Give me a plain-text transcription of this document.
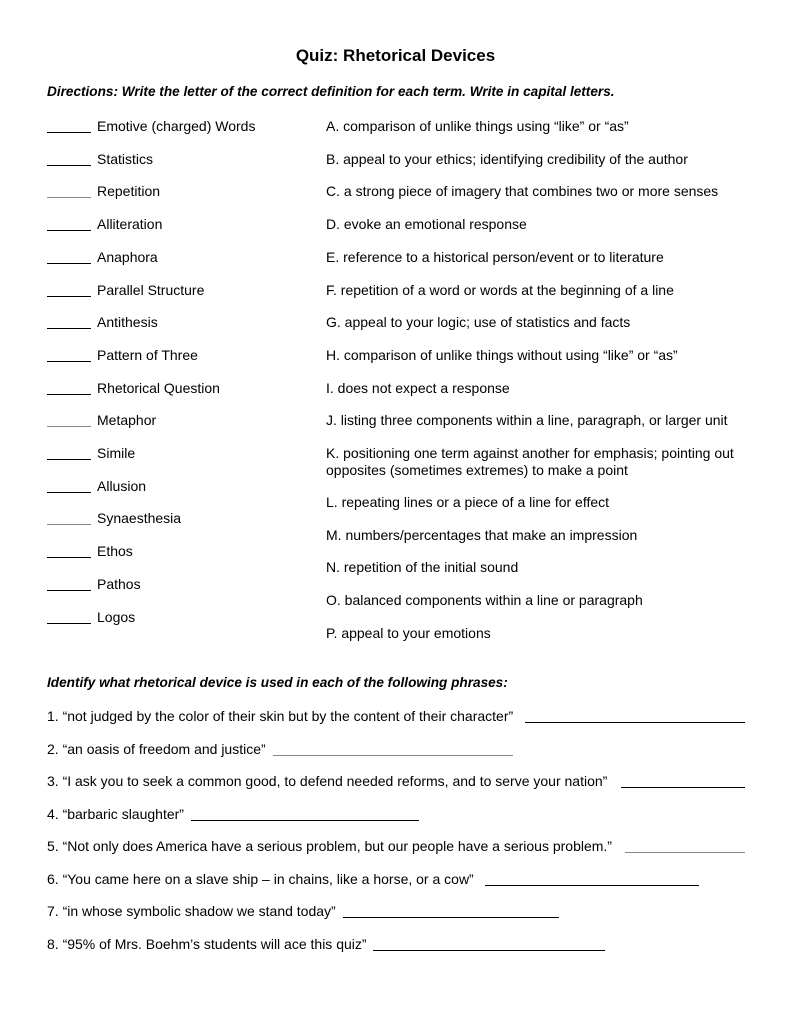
Quiz: Rhetorical Devices
Directions: Write the letter of the correct definition for each term. Write in capital letters.
Emotive (charged) Words
Statistics
Repetition
Alliteration
Anaphora
Parallel Structure
Antithesis
Pattern of Three
Rhetorical Question
Metaphor
Simile
Allusion
Synaesthesia
Ethos
Pathos
Logos
A. comparison of unlike things using “like” or “as”
B. appeal to your ethics; identifying credibility of the author
C. a strong piece of imagery that combines two or more senses
D. evoke an emotional response
E. reference to a historical person/event or to literature
F. repetition of a word or words at the beginning of a line
G. appeal to your logic; use of statistics and facts
H. comparison of unlike things without using “like” or “as”
I. does not expect a response
J. listing three components within a line, paragraph, or larger unit
K. positioning one term against another for emphasis; pointing out opposites (sometimes extremes) to make a point
L. repeating lines or a piece of a line for effect
M. numbers/percentages that make an impression
N. repetition of the initial sound
O. balanced components within a line or paragraph
P. appeal to your emotions
Identify what rhetorical device is used in each of the following phrases:
1. “not judged by the color of their skin but by the content of their character”
2. “an oasis of freedom and justice”
3. “I ask you to seek a common good, to defend needed reforms, and to serve your nation”
4. “barbaric slaughter”
5. “Not only does America have a serious problem, but our people have a serious problem.”
6. “You came here on a slave ship – in chains, like a horse, or a cow”
7. “in whose symbolic shadow we stand today”
8. “95% of Mrs. Boehm’s students will ace this quiz”
